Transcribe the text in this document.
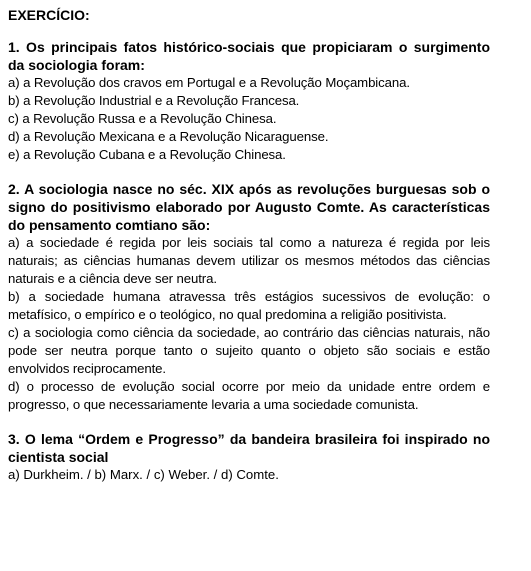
EXERCÍCIO:

1. Os principais fatos histórico-sociais que propiciaram o surgimento da sociologia foram:

a) a Revolução dos cravos em Portugal e a Revolução Moçambicana.

b) a Revolução Industrial e a Revolução Francesa.

c) a Revolução Russa e a Revolução Chinesa.

d) a Revolução Mexicana e a Revolução Nicaraguense.

e) a Revolução Cubana e a Revolução Chinesa.

2. A sociologia nasce no séc. XIX após as revoluções burguesas sob o signo do positivismo elaborado por Augusto Comte. As características do pensamento comtiano são:

a) a sociedade é regida por leis sociais tal como a natureza é regida por leis naturais; as ciências humanas devem utilizar os mesmos métodos das ciências naturais e a ciência deve ser neutra.

b) a sociedade humana atravessa três estágios sucessivos de evolução: o metafísico, o empírico e o teológico, no qual predomina a religião positivista.

c) a sociologia como ciência da sociedade, ao contrário das ciências naturais, não pode ser neutra porque tanto o sujeito quanto o objeto são sociais e estão envolvidos reciprocamente.

d) o processo de evolução social ocorre por meio da unidade entre ordem e progresso, o que necessariamente levaria a uma sociedade comunista.

3. O lema “Ordem e Progresso” da bandeira brasileira foi inspirado no cientista social

a) Durkheim. / b) Marx. / c) Weber. / d) Comte.
